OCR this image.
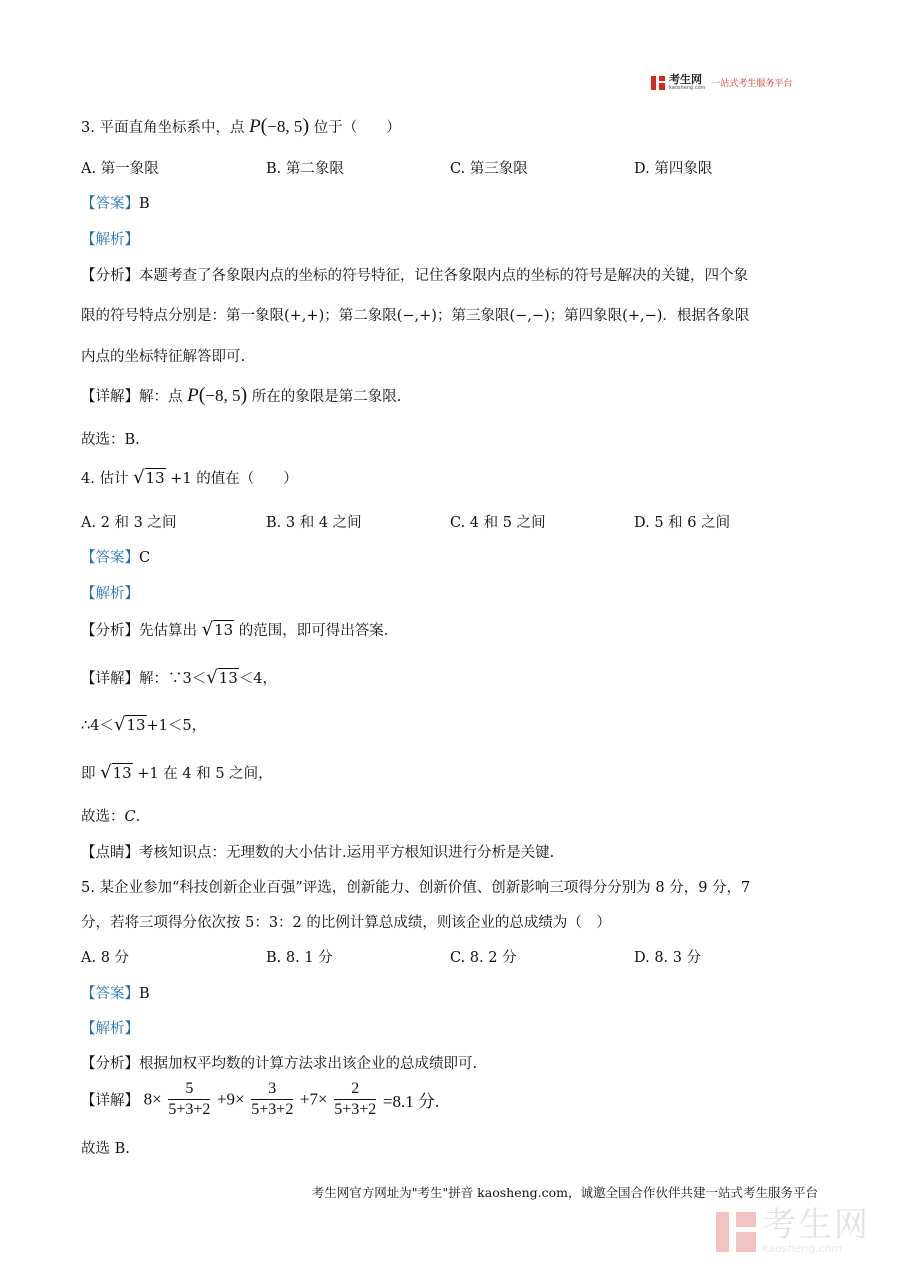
考生网
kaosheng.com 一站式考生服务平台
3. 平面直角坐标系中，点 P(−8, 5) 位于（　　）
A. 第一象限	B. 第二象限	C. 第三象限	D. 第四象限
【答案】B
【解析】
【分析】本题考查了各象限内点的坐标的符号特征，记住各象限内点的坐标的符号是解决的关键，四个象
限的符号特点分别是：第一象限(+,+)；第二象限(−,+)；第三象限(−,−)；第四象限(+,−)．根据各象限
内点的坐标特征解答即可.
【详解】解：点 P(−8, 5) 所在的象限是第二象限.
故选：B.
4. 估计 √13 +1 的值在（　　）
A. 2 和 3 之间	B. 3 和 4 之间	C. 4 和 5 之间	D. 5 和 6 之间
【答案】C
【解析】
【分析】先估算出 √13 的范围，即可得出答案.
【详解】解：∵3＜√13＜4，
∴4＜√13+1＜5，
即 √13 +1 在 4 和 5 之间，
故选：C.
【点睛】考核知识点：无理数的大小估计.运用平方根知识进行分析是关键.
5. 某企业参加“科技创新企业百强”评选，创新能力、创新价值、创新影响三项得分分别为 8 分，9 分，7
分，若将三项得分依次按 5：3：2 的比例计算总成绩，则该企业的总成绩为（　）
A. 8 分	B. 8. 1 分	C. 8. 2 分	D. 8. 3 分
【答案】B
【解析】
【分析】根据加权平均数的计算方法求出该企业的总成绩即可.
【详解】 $8\times \frac{5}{5+3+2} +9\times \frac{3}{5+3+2} +7\times \frac{2}{5+3+2} =8.1$ 分.
故选 B.
考生网官方网址为"考生"拼音 kaosheng.com，诚邀全国合作伙伴共建一站式考生服务平台
考生网
kaosheng.com
